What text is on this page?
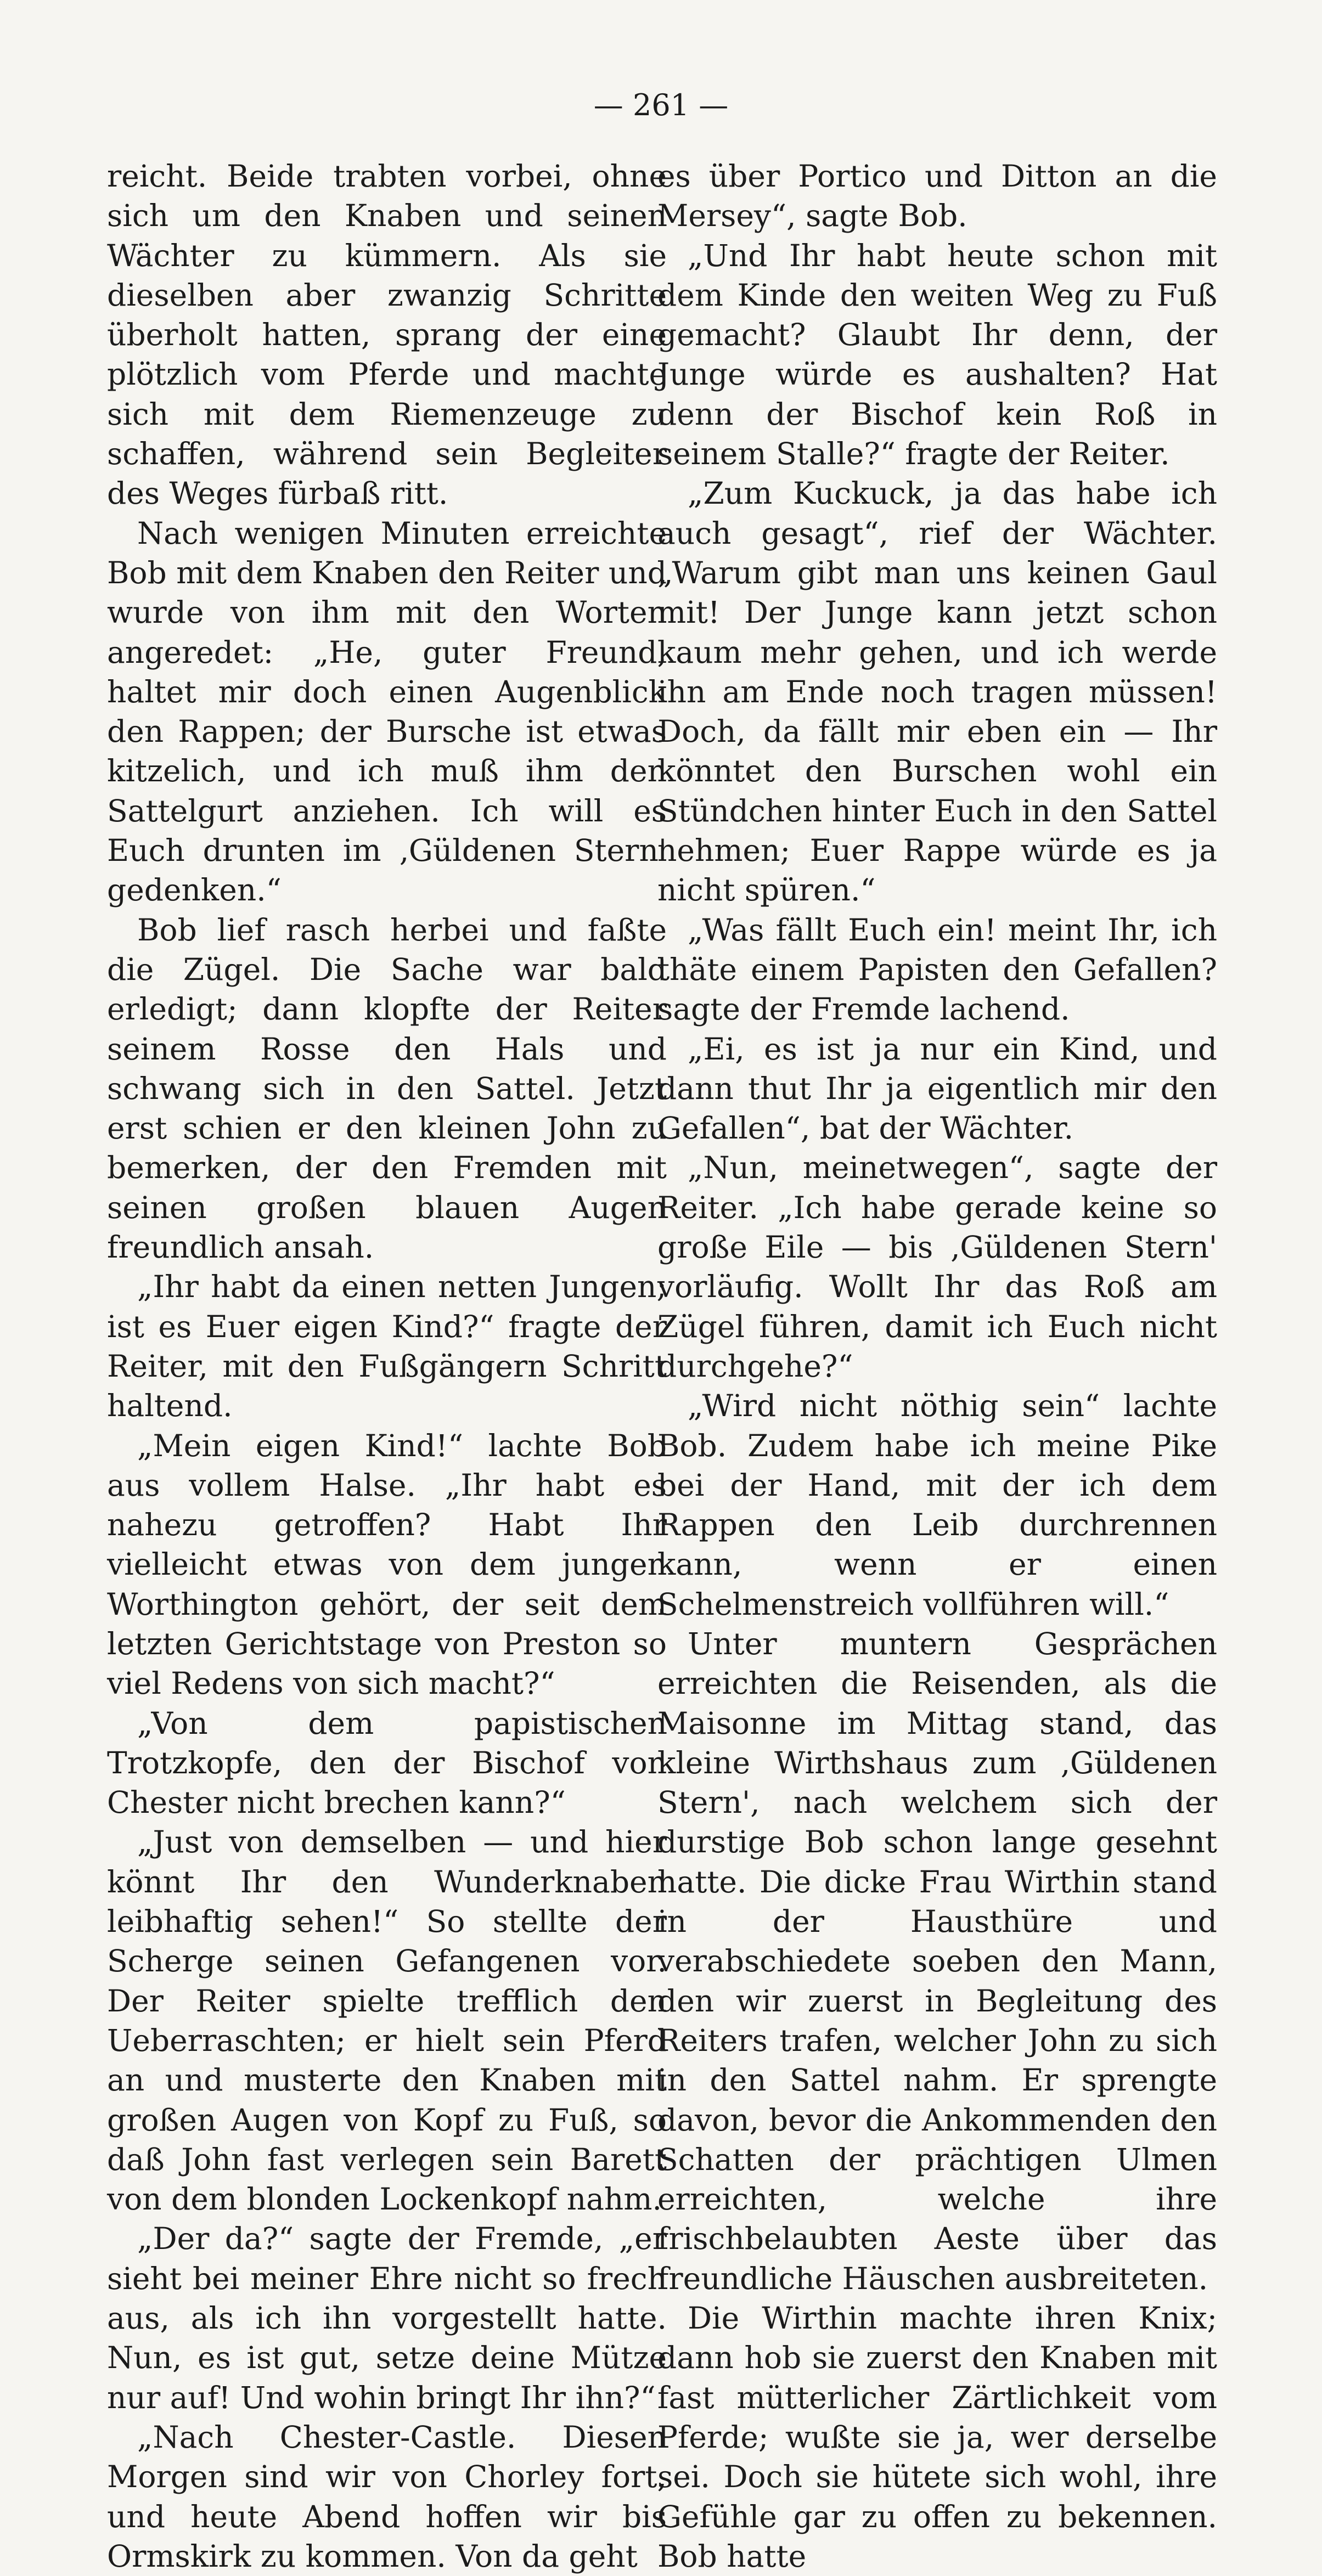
— 261 —

reicht. Beide trabten vorbei, ohne sich um den Knaben und seinen Wächter zu kümmern. Als sie dieselben aber zwanzig Schritte überholt hatten, sprang der eine plötzlich vom Pferde und machte sich mit dem Riemenzeuge zu schaffen, während sein Begleiter des Weges fürbaß ritt.

Nach wenigen Minuten erreichte Bob mit dem Knaben den Reiter und wurde von ihm mit den Worten angeredet: „He, guter Freund, haltet mir doch einen Augenblick den Rappen; der Bursche ist etwas kitzelich, und ich muß ihm den Sattelgurt anziehen. Ich will es Euch drunten im ‚Güldenen Stern' gedenken.“

Bob lief rasch herbei und faßte die Zügel. Die Sache war bald erledigt; dann klopfte der Reiter seinem Rosse den Hals und schwang sich in den Sattel. Jetzt erst schien er den kleinen John zu bemerken, der den Fremden mit seinen großen blauen Augen freundlich ansah.

„Ihr habt da einen netten Jungen; ist es Euer eigen Kind?“ fragte der Reiter, mit den Fußgängern Schritt haltend.

„Mein eigen Kind!“ lachte Bob aus vollem Halse. „Ihr habt es nahezu getroffen? Habt Ihr vielleicht etwas von dem jungen Worthington gehört, der seit dem letzten Gerichtstage von Preston so viel Redens von sich macht?“

„Von dem papistischen Trotzkopfe, den der Bischof von Chester nicht brechen kann?“

„Just von demselben — und hier könnt Ihr den Wunderknaben leibhaftig sehen!“ So stellte der Scherge seinen Gefangenen vor. Der Reiter spielte trefflich den Ueberraschten; er hielt sein Pferd an und musterte den Knaben mit großen Augen von Kopf zu Fuß, so daß John fast verlegen sein Barett von dem blonden Lockenkopf nahm.

„Der da?“ sagte der Fremde, „er sieht bei meiner Ehre nicht so frech aus, als ich ihn vorgestellt hatte. Nun, es ist gut, setze deine Mütze nur auf! Und wohin bringt Ihr ihn?“

„Nach Chester-Castle. Diesen Morgen sind wir von Chorley fort, und heute Abend hoffen wir bis Ormskirk zu kommen. Von da geht

es über Portico und Ditton an die Mersey“, sagte Bob.

„Und Ihr habt heute schon mit dem Kinde den weiten Weg zu Fuß gemacht? Glaubt Ihr denn, der Junge würde es aushalten? Hat denn der Bischof kein Roß in seinem Stalle?“ fragte der Reiter.

„Zum Kuckuck, ja das habe ich auch gesagt“, rief der Wächter. „Warum gibt man uns keinen Gaul mit! Der Junge kann jetzt schon kaum mehr gehen, und ich werde ihn am Ende noch tragen müssen! Doch, da fällt mir eben ein — Ihr könntet den Burschen wohl ein Stündchen hinter Euch in den Sattel nehmen; Euer Rappe würde es ja nicht spüren.“

„Was fällt Euch ein! meint Ihr, ich thäte einem Papisten den Gefallen? sagte der Fremde lachend.

„Ei, es ist ja nur ein Kind, und dann thut Ihr ja eigentlich mir den Gefallen“, bat der Wächter.

„Nun, meinetwegen“, sagte der Reiter. „Ich habe gerade keine so große Eile — bis ‚Güldenen Stern' vorläufig. Wollt Ihr das Roß am Zügel führen, damit ich Euch nicht durchgehe?“

„Wird nicht nöthig sein“ lachte Bob. Zudem habe ich meine Pike bei der Hand, mit der ich dem Rappen den Leib durchrennen kann, wenn er einen Schelmenstreich vollführen will.“

Unter muntern Gesprächen erreichten die Reisenden, als die Maisonne im Mittag stand, das kleine Wirthshaus zum ‚Güldenen Stern', nach welchem sich der durstige Bob schon lange gesehnt hatte. Die dicke Frau Wirthin stand in der Hausthüre und verabschiedete soeben den Mann, den wir zuerst in Begleitung des Reiters trafen, welcher John zu sich in den Sattel nahm. Er sprengte davon, bevor die Ankommenden den Schatten der prächtigen Ulmen erreichten, welche ihre frischbelaubten Aeste über das freundliche Häuschen ausbreiteten.

Die Wirthin machte ihren Knix; dann hob sie zuerst den Knaben mit fast mütterlicher Zärtlichkeit vom Pferde; wußte sie ja, wer derselbe sei. Doch sie hütete sich wohl, ihre Gefühle gar zu offen zu bekennen. Bob hatte
